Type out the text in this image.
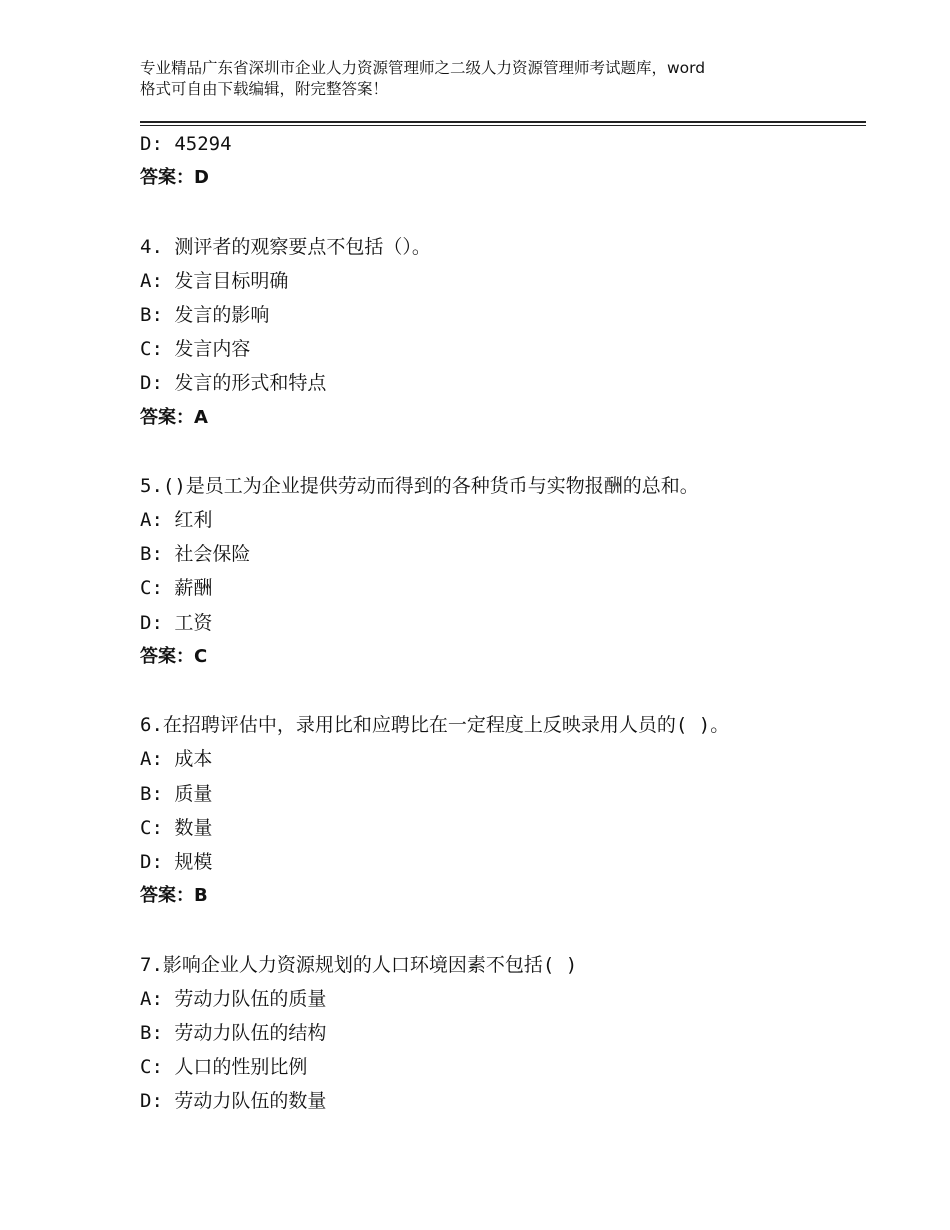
专业精品广东省深圳市企业人力资源管理师之二级人力资源管理师考试题库，word
格式可自由下载编辑，附完整答案！
D: 45294
答案：D
4. 测评者的观察要点不包括（）。
A: 发言目标明确
B: 发言的影响
C: 发言内容
D: 发言的形式和特点
答案：A
5.()是员工为企业提供劳动而得到的各种货币与实物报酬的总和。
A: 红利
B: 社会保险
C: 薪酬
D: 工资
答案：C
6.在招聘评估中，录用比和应聘比在一定程度上反映录用人员的( )。
A: 成本
B: 质量
C: 数量
D: 规模
答案：B
7.影响企业人力资源规划的人口环境因素不包括( )
A: 劳动力队伍的质量
B: 劳动力队伍的结构
C: 人口的性别比例
D: 劳动力队伍的数量
